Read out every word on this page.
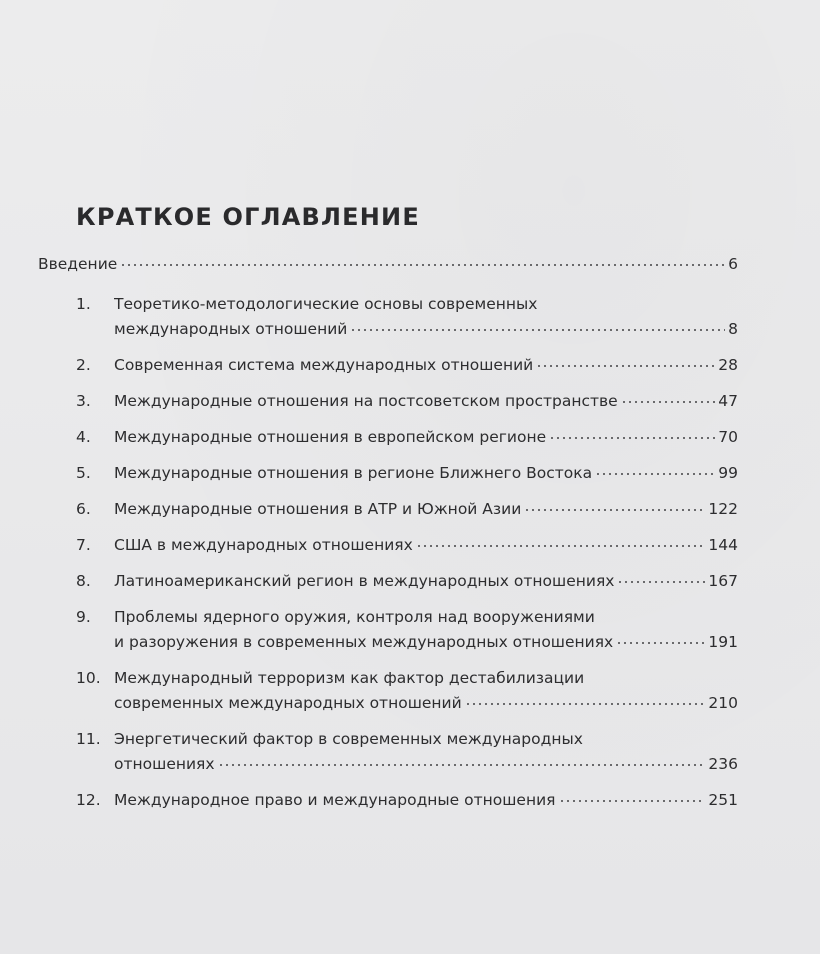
КРАТКОЕ ОГЛАВЛЕНИЕ
Введение	6
1.	Теоретико-методологические основы современных
международных отношений	8
2.	Современная система международных отношений	28
3.	Международные отношения на постсоветском пространстве	47
4.	Международные отношения в европейском регионе	70
5.	Международные отношения в регионе Ближнего Востока	99
6.	Международные отношения в АТР и Южной Азии	122
7.	США в международных отношениях	144
8.	Латиноамериканский регион в международных отношениях	167
9.	Проблемы ядерного оружия, контроля над вооружениями
и разоружения в современных международных отношениях	191
10. Международный терроризм как фактор дестабилизации
современных международных отношений	210
11. Энергетический фактор в современных международных
отношениях	236
12. Международное право и международные отношения	251
